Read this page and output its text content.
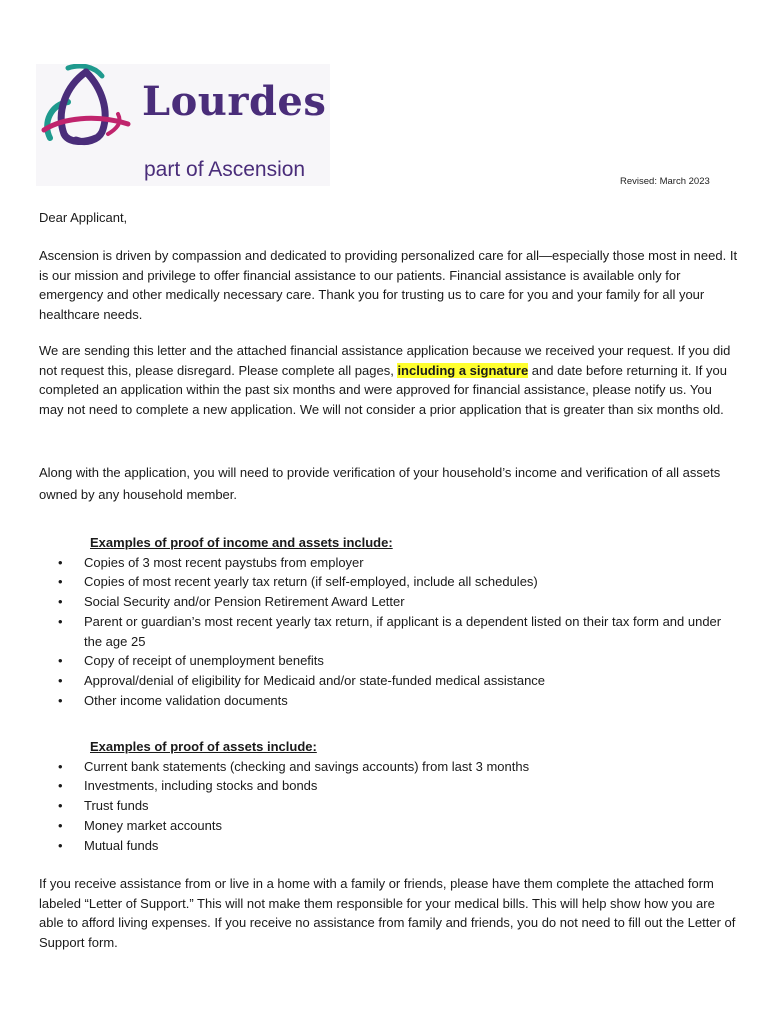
Lourdes
part of Ascension
Revised: March 2023

Dear Applicant,

Ascension is driven by compassion and dedicated to providing personalized care for all—especially those most in need. It is our mission and privilege to offer financial assistance to our patients. Financial assistance is available only for emergency and other medically necessary care. Thank you for trusting us to care for you and your family for all your healthcare needs.

We are sending this letter and the attached financial assistance application because we received your request. If you did not request this, please disregard. Please complete all pages, including a signature and date before returning it. If you completed an application within the past six months and were approved for financial assistance, please notify us. You may not need to complete a new application. We will not consider a prior application that is greater than six months old.

Along with the application, you will need to provide verification of your household’s income and verification of all assets owned by any household member.

Examples of proof of income and assets include:

• Copies of 3 most recent paystubs from employer
• Copies of most recent yearly tax return (if self-employed, include all schedules)
• Social Security and/or Pension Retirement Award Letter
• Parent or guardian’s most recent yearly tax return, if applicant is a dependent listed on their tax form and under the age 25
• Copy of receipt of unemployment benefits
• Approval/denial of eligibility for Medicaid and/or state-funded medical assistance
• Other income validation documents

Examples of proof of assets include:

• Current bank statements (checking and savings accounts) from last 3 months
• Investments, including stocks and bonds
• Trust funds
• Money market accounts
• Mutual funds

If you receive assistance from or live in a home with a family or friends, please have them complete the attached form labeled “Letter of Support.” This will not make them responsible for your medical bills. This will help show how you are able to afford living expenses. If you receive no assistance from family and friends, you do not need to fill out the Letter of Support form.
